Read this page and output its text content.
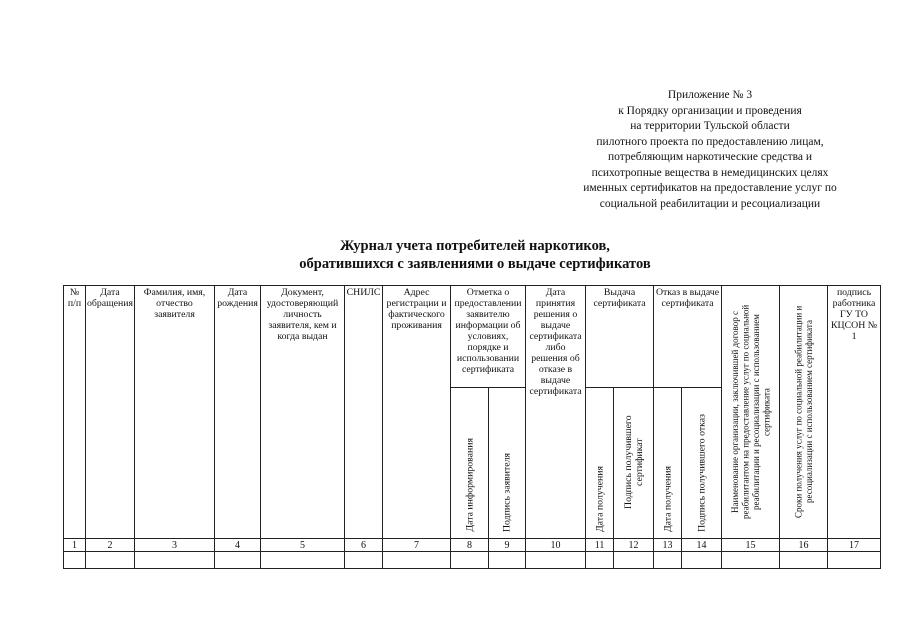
Приложение № 3
к Порядку организации и проведения
на территории Тульской области
пилотного проекта по предоставлению лицам,
потребляющим наркотические средства и
психотропные вещества в немедицинских целях
именных сертификатов на предоставление услуг по
социальной реабилитации и ресоциализации
Журнал учета потребителей наркотиков,
обратившихся с заявлениями о выдаче сертификатов
№ п/п	Дата обращения	Фамилия, имя, отчество заявителя	Дата рождения	Документ, удостоверяющий личность заявителя, кем и когда выдан	СНИЛС	Адрес регистрации и фактического проживания	Отметка о предоставлении заявителю информации об условиях, порядке и использовании сертификата		Дата принятия решения о выдаче сертификата либо решения об отказе в выдаче сертификата	Выдача сертификата		Отказ в выдаче сертификата		Наименование организации, заключившей договор с реабилитантом на предоставление услуг по социальной реабилитации и ресоциализации с использованием сертификата	Сроки получения услуг по социальной реабилитации и ресоциализации с использованием сертификата	подпись работника ГУ ТО КЦСОН № 1

							Дата информирования	Подпись заявителя		Дата получения	Подпись получившего сертификат	Дата получения	Подпись получившего отказ			

1	2	3	4	5	6	7	8	9	10	11	12	13	14	15	16	17
